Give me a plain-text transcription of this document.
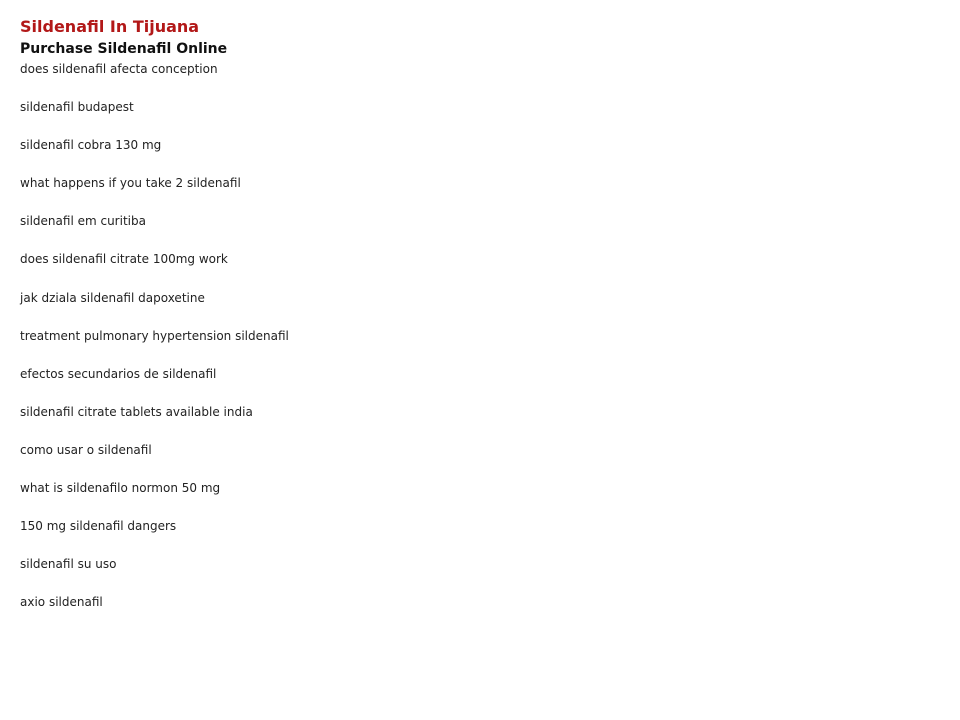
Sildenafil In Tijuana
Purchase Sildenafil Online
does sildenafil afecta conception
sildenafil budapest
sildenafil cobra 130 mg
what happens if you take 2 sildenafil
sildenafil em curitiba
does sildenafil citrate 100mg work
jak dziala sildenafil dapoxetine
treatment pulmonary hypertension sildenafil
efectos secundarios de sildenafil
sildenafil citrate tablets available india
como usar o sildenafil
what is sildenafilo normon 50 mg
150 mg sildenafil dangers
sildenafil su uso
axio sildenafil
